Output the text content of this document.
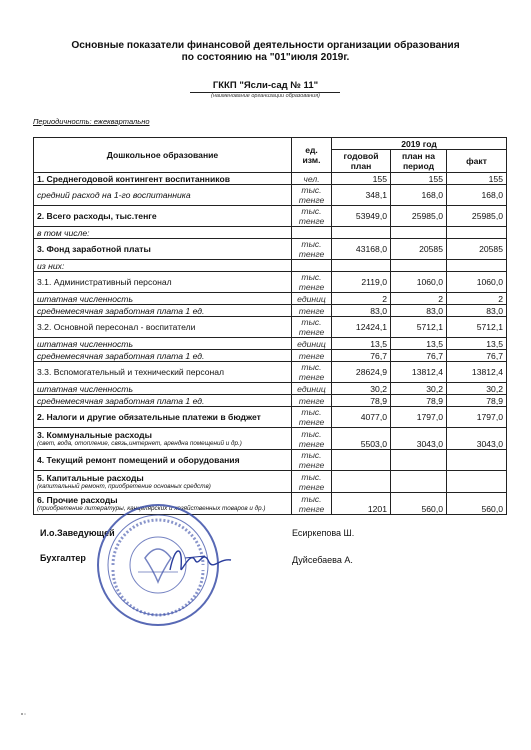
Основные показатели финансовой деятельности организации образования
по состоянию на "01"июля 2019г.
ГККП "Ясли-сад № 11"
(наименование организации образования)
Периодичность: ежеквартально
Дошкольное образование	ед. изм.	2019 год		
		годовой план	план на период	факт
1. Среднегодовой контингент воспитанников	чел.	155	155	155
средний расход на 1-го воспитанника	тыс. тенге	348,1	168,0	168,0
2. Всего расходы, тыс.тенге	тыс. тенге	53949,0	25985,0	25985,0
в том числе:				
3. Фонд заработной платы	тыс. тенге	43168,0	20585	20585
из них:				
3.1. Административный персонал	тыс. тенге	2119,0	1060,0	1060,0
штатная численность	единиц	2	2	2
среднемесячная заработная плата 1 ед.	тенге	83,0	83,0	83,0
3.2. Основной пересонал - воспитатели	тыс. тенге	12424,1	5712,1	5712,1
штатная численность	единиц	13,5	13,5	13,5
среднемесячная заработная плата 1 ед.	тенге	76,7	76,7	76,7
3.3. Вспомогательный и технический персонал	тыс. тенге	28624,9	13812,4	13812,4
штатная численность	единиц	30,2	30,2	30,2
среднемесячная заработная плата 1 ед.	тенге	78,9	78,9	78,9
2. Налоги и другие обязательные платежи в бюджет	тыс. тенге	4077,0	1797,0	1797,0
3. Коммунальные расходы
(свет, вода, отопление, связь,интернет, арендна помещений и др.)	тыс. тенге	5503,0	3043,0	3043,0
4. Текущий ремонт помещений и оборудования	тыс. тенге			
5. Капитальные расходы
(капитальный ремонт, приобретение основных средств)	тыс. тенге			
6. Прочие расходы
(приобретение литературы, канцелярских и хозяйственных товаров и др.)	тыс. тенге	1201	560,0	560,0
И.о.Заведующей
Бухгалтер
Есиркепова Ш.
Дуйсебаева А.
